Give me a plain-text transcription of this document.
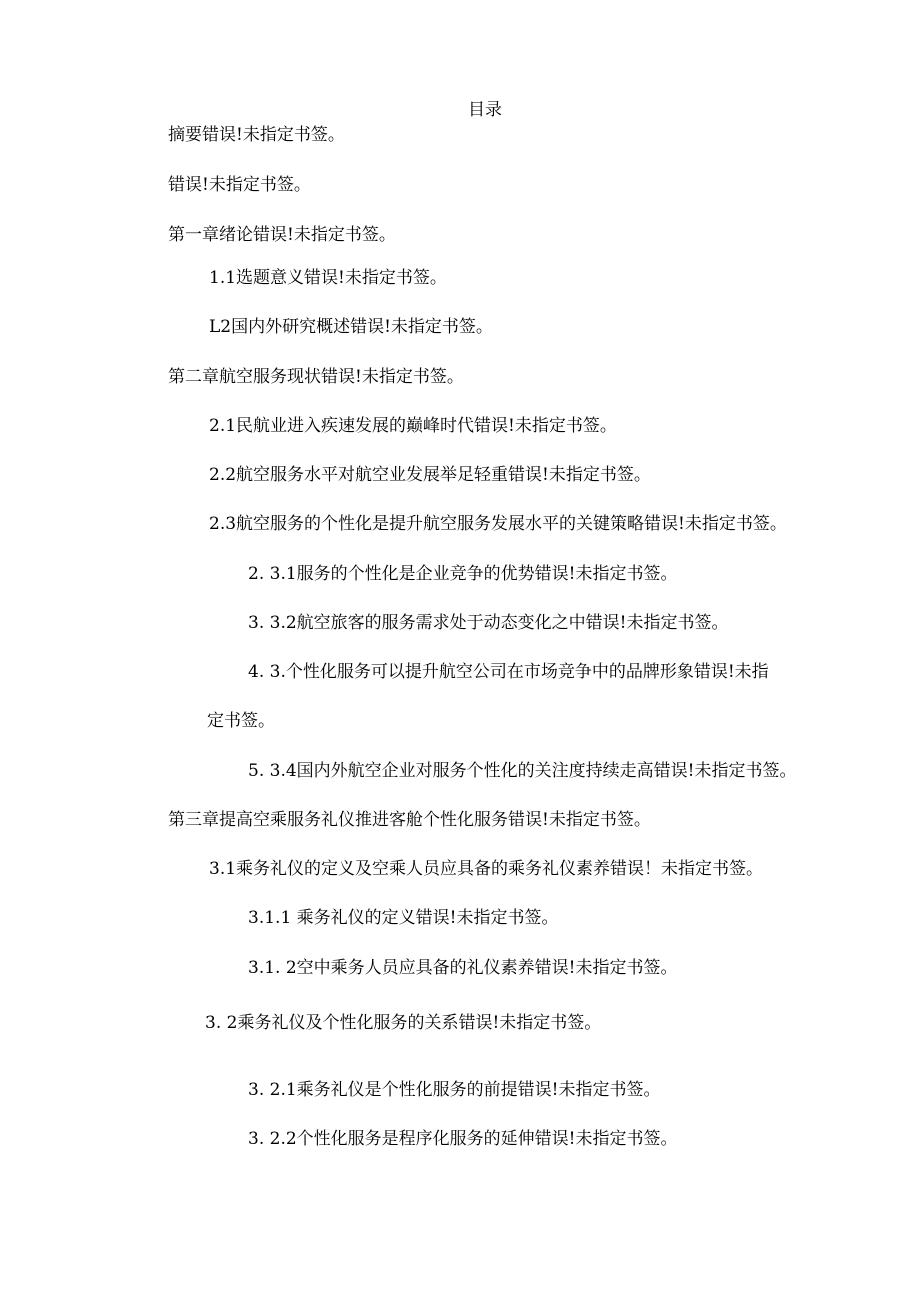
目录
摘要错误!未指定书签。
错误!未指定书签。
第一章绪论错误!未指定书签。
1.1选题意义错误!未指定书签。
L2国内外研究概述错误!未指定书签。
第二章航空服务现状错误!未指定书签。
2.1民航业进入疾速发展的巅峰时代错误!未指定书签。
2.2航空服务水平对航空业发展举足轻重错误!未指定书签。
2.3航空服务的个性化是提升航空服务发展水平的关键策略错误!未指定书签。
2. 3.1服务的个性化是企业竞争的优势错误!未指定书签。
3. 3.2航空旅客的服务需求处于动态变化之中错误!未指定书签。
4. 3.个性化服务可以提升航空公司在市场竞争中的品牌形象错误!未指
定书签。
5. 3.4国内外航空企业对服务个性化的关注度持续走高错误!未指定书签。
第三章提高空乘服务礼仪推进客舱个性化服务错误!未指定书签。
3.1乘务礼仪的定义及空乘人员应具备的乘务礼仪素养错误！未指定书签。
3.1.1 乘务礼仪的定义错误!未指定书签。
3.1. 2空中乘务人员应具备的礼仪素养错误!未指定书签。
3. 2乘务礼仪及个性化服务的关系错误!未指定书签。
3. 2.1乘务礼仪是个性化服务的前提错误!未指定书签。
3. 2.2个性化服务是程序化服务的延伸错误!未指定书签。
